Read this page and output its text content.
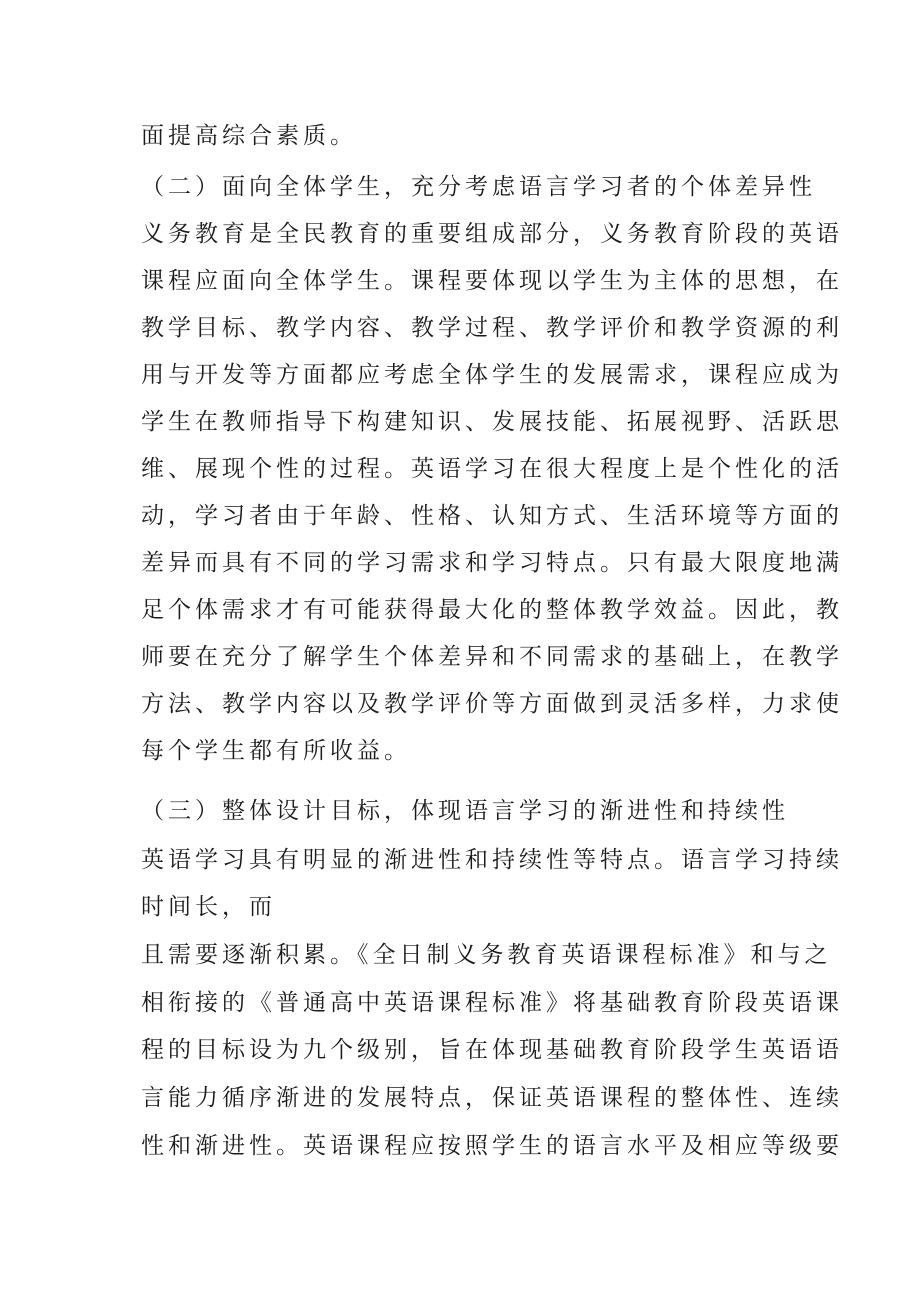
面提高综合素质。
（二）面向全体学生，充分考虑语言学习者的个体差异性
义务教育是全民教育的重要组成部分，义务教育阶段的英语
课程应面向全体学生。课程要体现以学生为主体的思想，在
教学目标、教学内容、教学过程、教学评价和教学资源的利
用与开发等方面都应考虑全体学生的发展需求，课程应成为
学生在教师指导下构建知识、发展技能、拓展视野、活跃思
维、展现个性的过程。英语学习在很大程度上是个性化的活
动，学习者由于年龄、性格、认知方式、生活环境等方面的
差异而具有不同的学习需求和学习特点。只有最大限度地满
足个体需求才有可能获得最大化的整体教学效益。因此，教
师要在充分了解学生个体差异和不同需求的基础上，在教学
方法、教学内容以及教学评价等方面做到灵活多样，力求使
每个学生都有所收益。
（三）整体设计目标，体现语言学习的渐进性和持续性
英语学习具有明显的渐进性和持续性等特点。语言学习持续
时间长，而
且需要逐渐积累。《全日制义务教育英语课程标准》和与之
相衔接的《普通高中英语课程标准》将基础教育阶段英语课
程的目标设为九个级别，旨在体现基础教育阶段学生英语语
言能力循序渐进的发展特点，保证英语课程的整体性、连续
性和渐进性。英语课程应按照学生的语言水平及相应等级要
